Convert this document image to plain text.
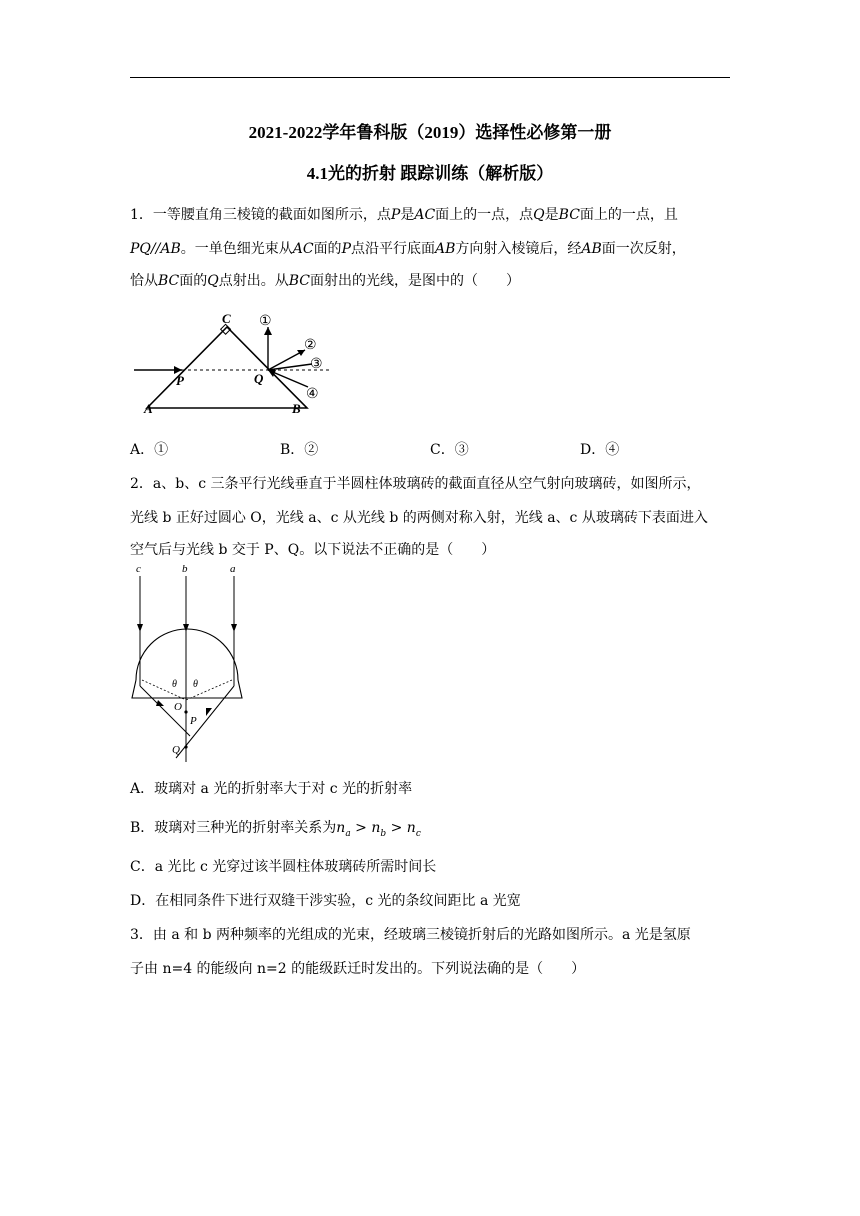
2021-2022学年鲁科版（2019）选择性必修第一册
4.1光的折射 跟踪训练（解析版）
1．一等腰直角三棱镜的截面如图所示，点P是AC面上的一点，点Q是BC面上的一点，且
PQ//AB。一单色细光束从AC面的P点沿平行底面AB方向射入棱镜后，经AB面一次反射，
恰从BC面的Q点射出。从BC面射出的光线，是图中的（　　）
A	B
C
P	Q
①
②
③
④
A．①	B．②	C．③	D．④
2．a、b、c 三条平行光线垂直于半圆柱体玻璃砖的截面直径从空气射向玻璃砖，如图所示，
光线 b 正好过圆心 O，光线 a、c 从光线 b 的两侧对称入射，光线 a、c 从玻璃砖下表面进入
空气后与光线 b 交于 P、Q。以下说法不正确的是（　　）
c	b	a
θ θ
O
P
Q
A．玻璃对 a 光的折射率大于对 c 光的折射率
B．玻璃对三种光的折射率关系为$n_a > n_b > n_c$
C．a 光比 c 光穿过该半圆柱体玻璃砖所需时间长
D．在相同条件下进行双缝干涉实验，c 光的条纹间距比 a 光宽
3．由 a 和 b 两种频率的光组成的光束，经玻璃三棱镜折射后的光路如图所示。a 光是氢原
子由 n=4 的能级向 n=2 的能级跃迁时发出的。下列说法确的是（　　）
